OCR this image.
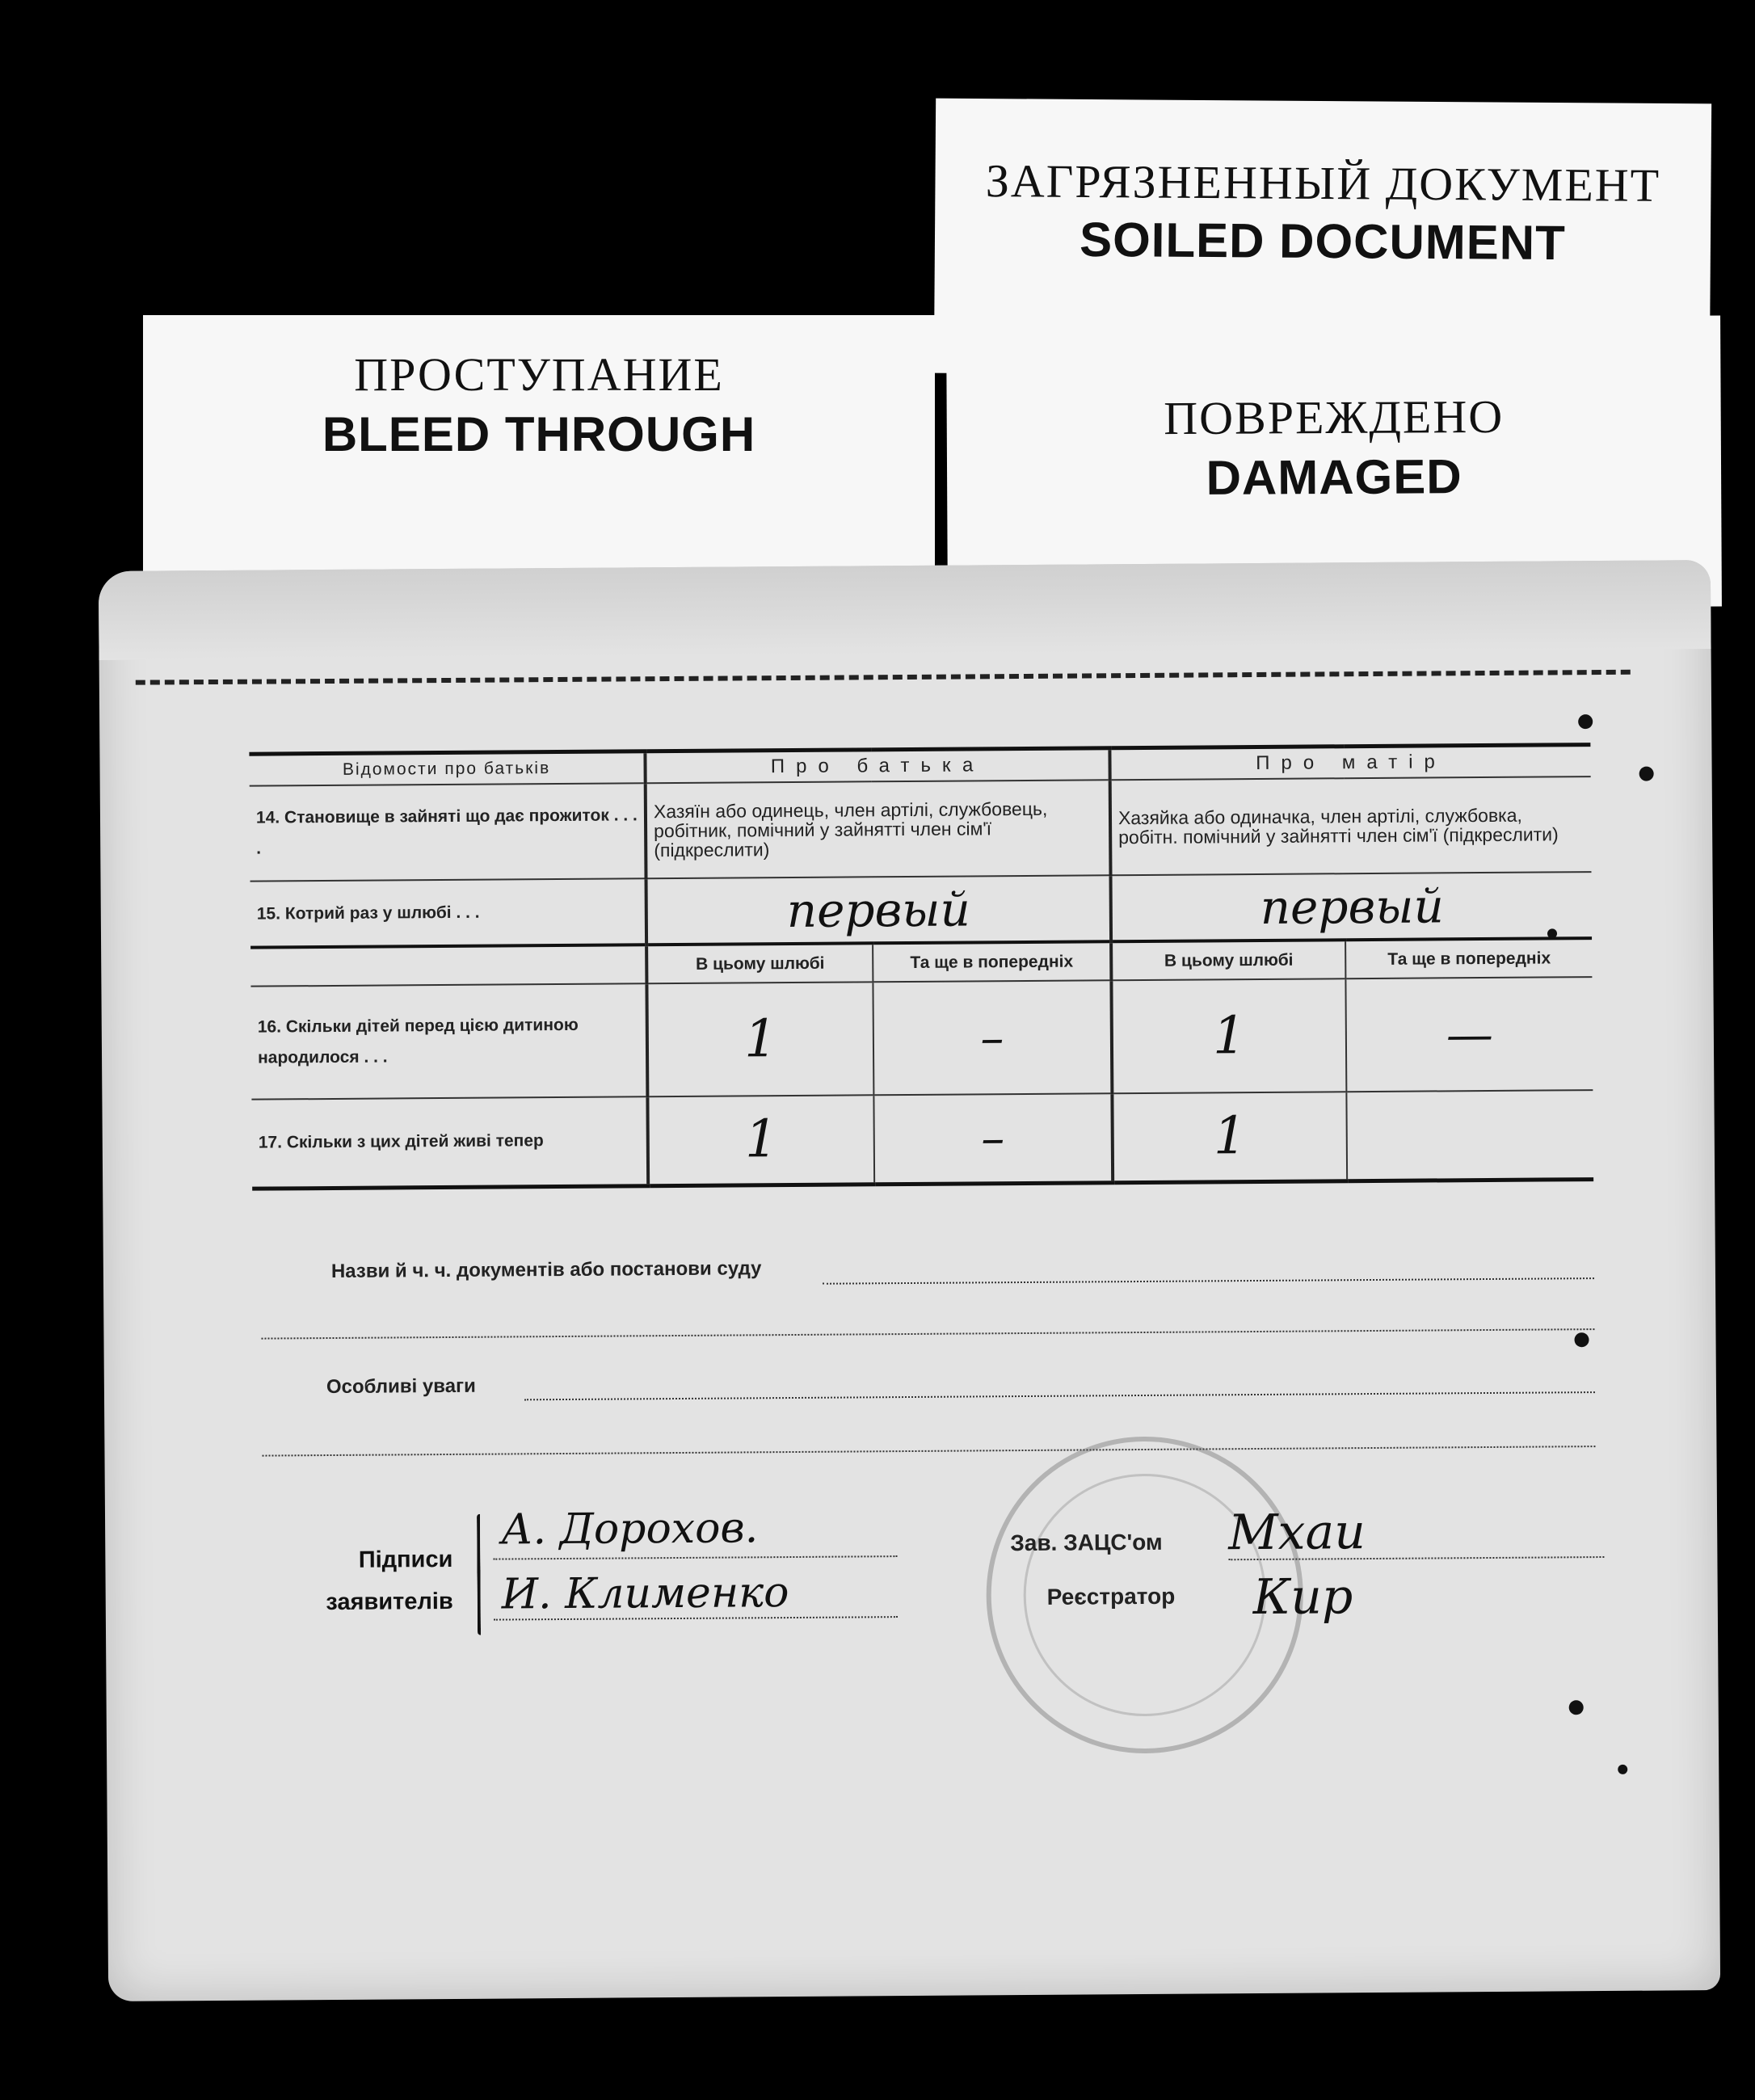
ЗАГРЯЗНЕННЫЙ ДОКУМЕНТ
SOILED DOCUMENT
ПРОСТУПАНИЕ
BLEED THROUGH	ПОВРЕЖДЕНО
DAMAGED
Відомости про батьків	Про батька		Про матір	
14. Становище в зайняті що дає прожиток . . . .	Хазяїн або одинець, член артілі, службовець, робітник, помічний у зайнятті член сім'ї (підкреслити)		Хазяйка або одиначка, член артілі, службовка, робітн. помічний у зайнятті член сім'ї (підкреслити)	
15. Котрий раз у шлюбі . . .	первый		первый	
	В цьому шлюбі	Та ще в попередніх	В цьому шлюбі	Та ще в попередніх
16. Скільки дітей перед цією дитиною народилося . . .	1	–	1	—
17. Скільки з цих дітей живі тепер	1	–	1	
Назви й ч. ч. документів або постанови суду
Особливі уваги
Підписи
заявителів
А. Дорохов.
И. Клименко
Зав. ЗАЦС'ом Мхаи
Реєстратор Кир
